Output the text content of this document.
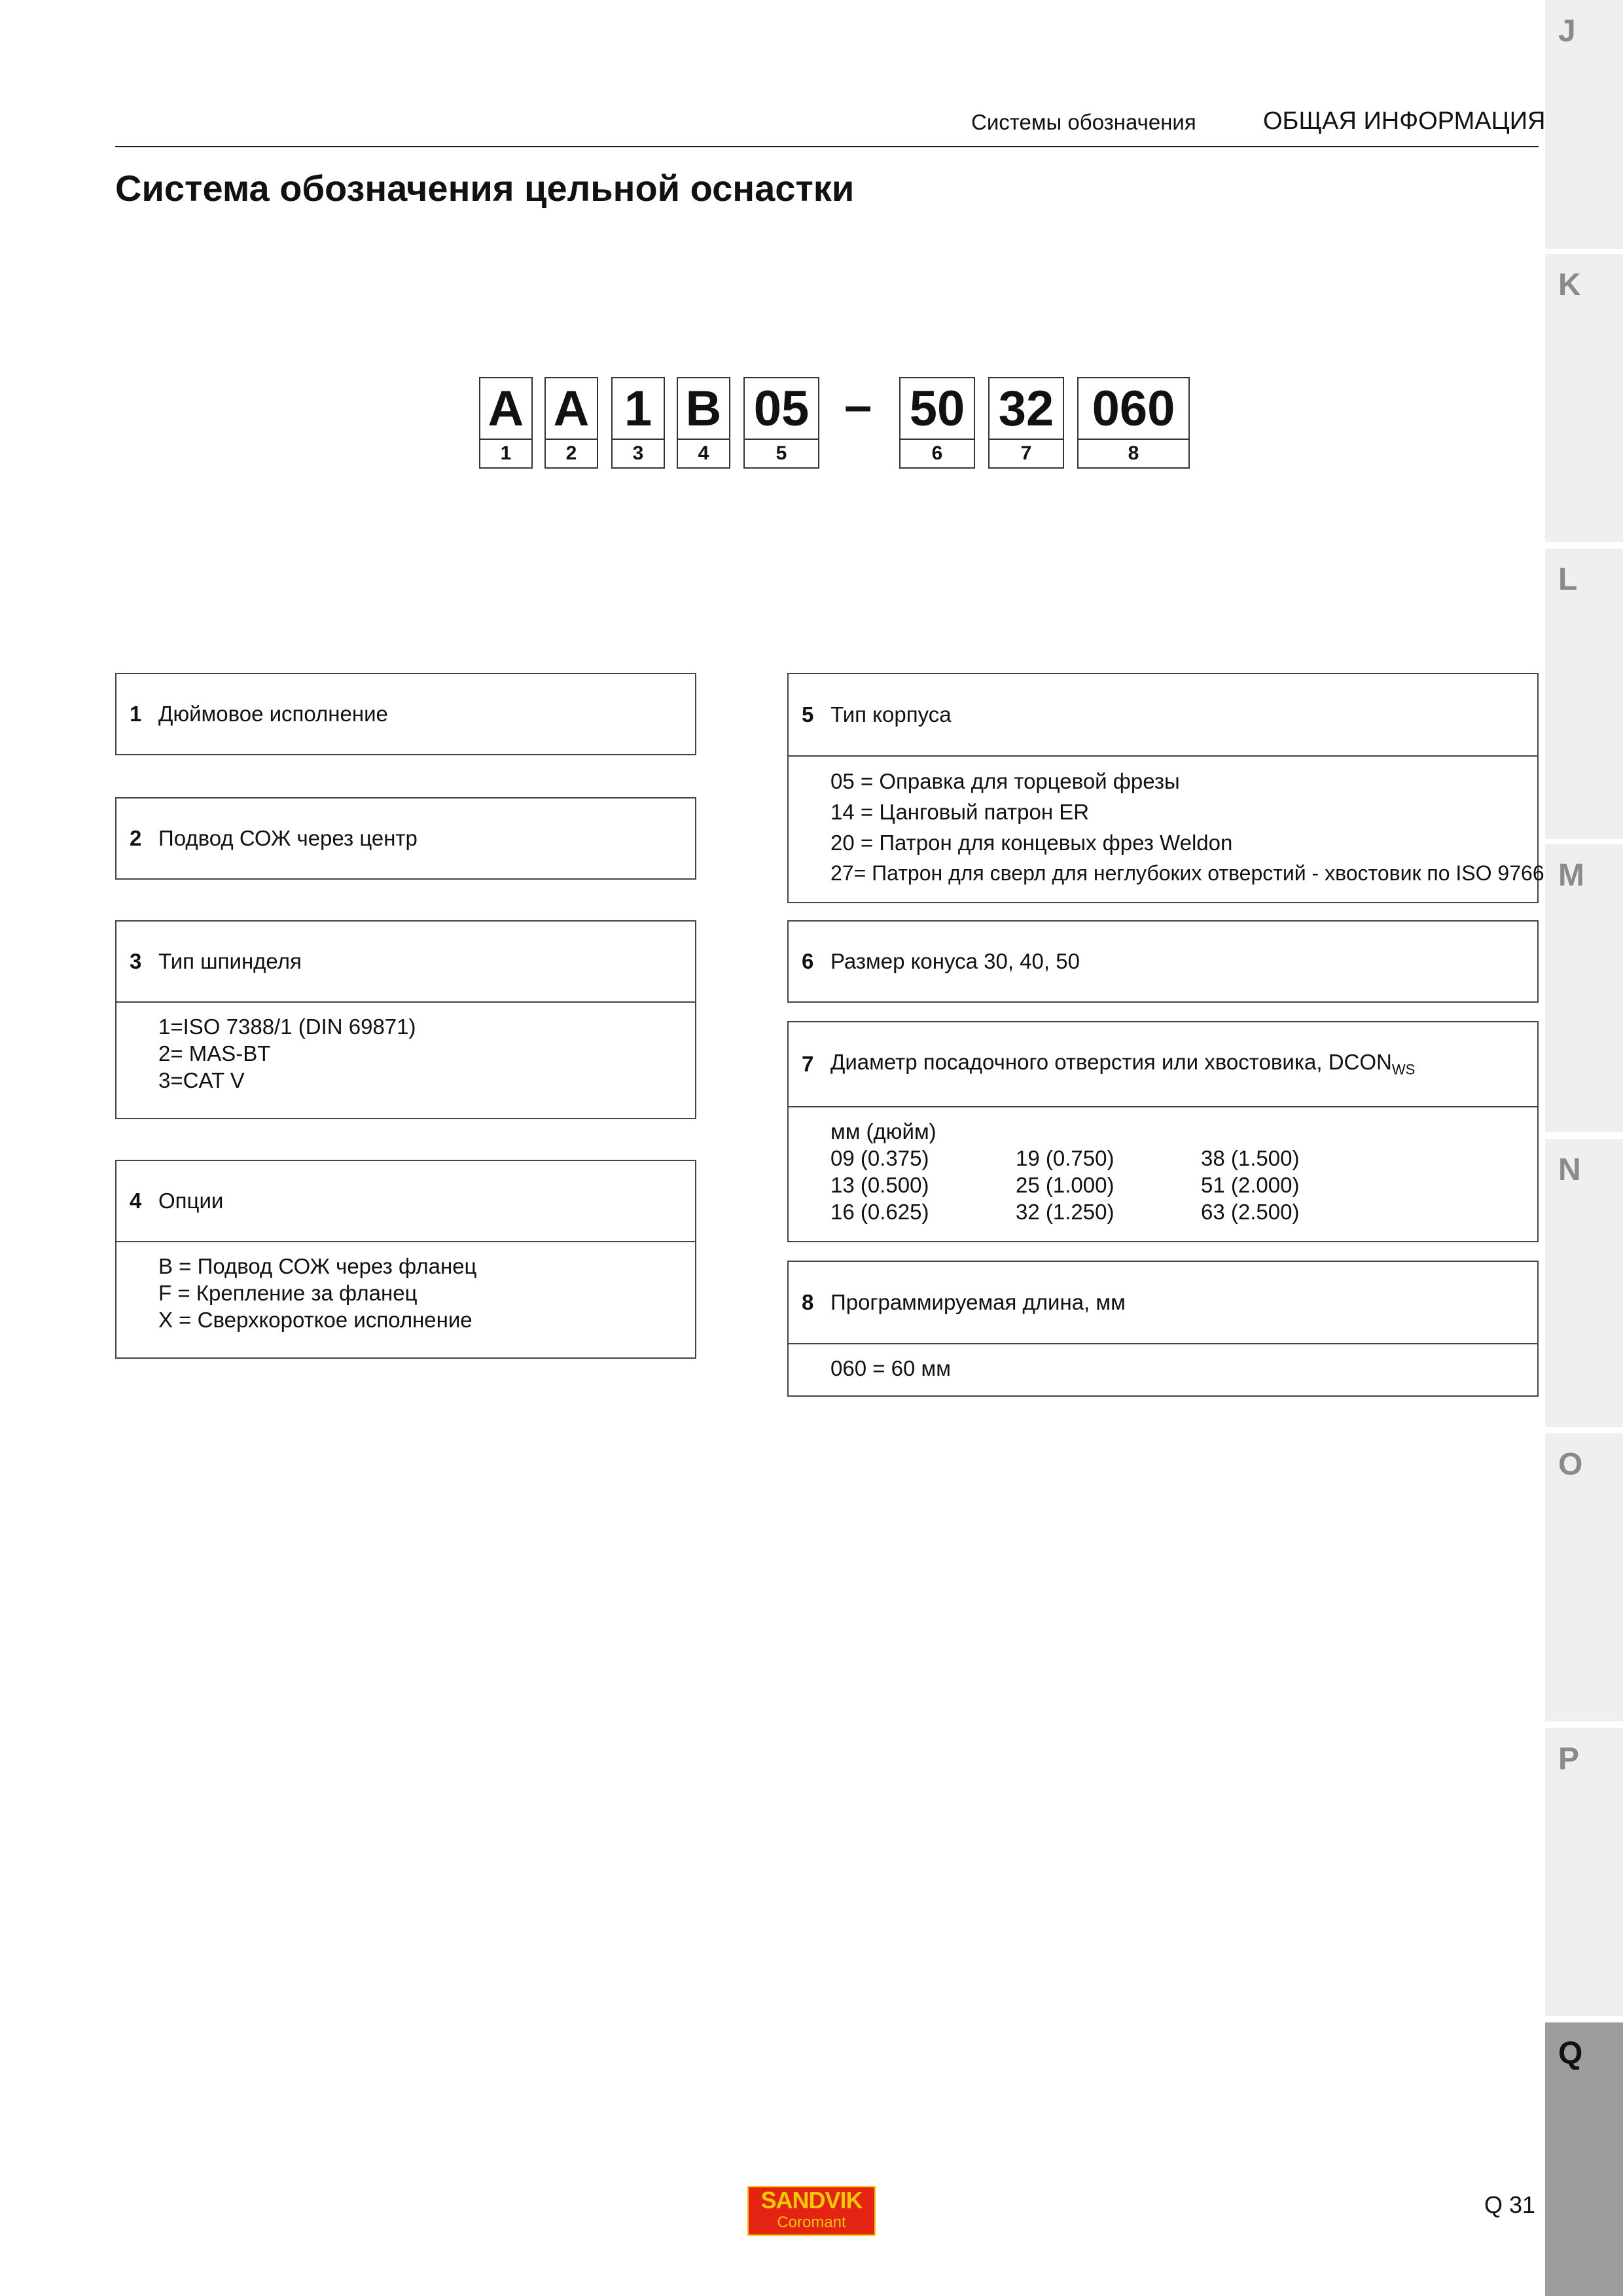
Системы обозначения	ОБЩАЯ ИНФОРМАЦИЯ
Система обозначения цельной оснастки
A
1
A
2
1
3
B
4
05
5
– 50
6
32
7
060
8
1 Дюймовое исполнение
2 Подвод СОЖ через центр
3 Тип шпинделя
1=ISO 7388/1 (DIN 69871)
2= MAS-BT
3=CAT V
4 Опции
B = Подвод СОЖ через фланец
F = Крепление за фланец
X = Сверхкороткое исполнение
5 Тип корпуса
05 = Оправка для торцевой фрезы
14 = Цанговый патрон ER
20 = Патрон для концевых фрез Weldon
27= Патрон для сверл для неглубоких отверстий - хвостовик по ISO 9766
6 Размер конуса 30, 40, 50
7 Диаметр посадочного отверстия или хвостовика, $DCON_{WS}$
мм (дюйм)
09 (0.375)	19 (0.750)	38 (1.500)
13 (0.500)	25 (1.000)	51 (2.000)
16 (0.625)	32 (1.250)	63 (2.500)
8 Программируемая длина, мм
060 = 60 мм
J
K
L
M
N
O
P
Q
SANDVIK
Coromant
Q 31
